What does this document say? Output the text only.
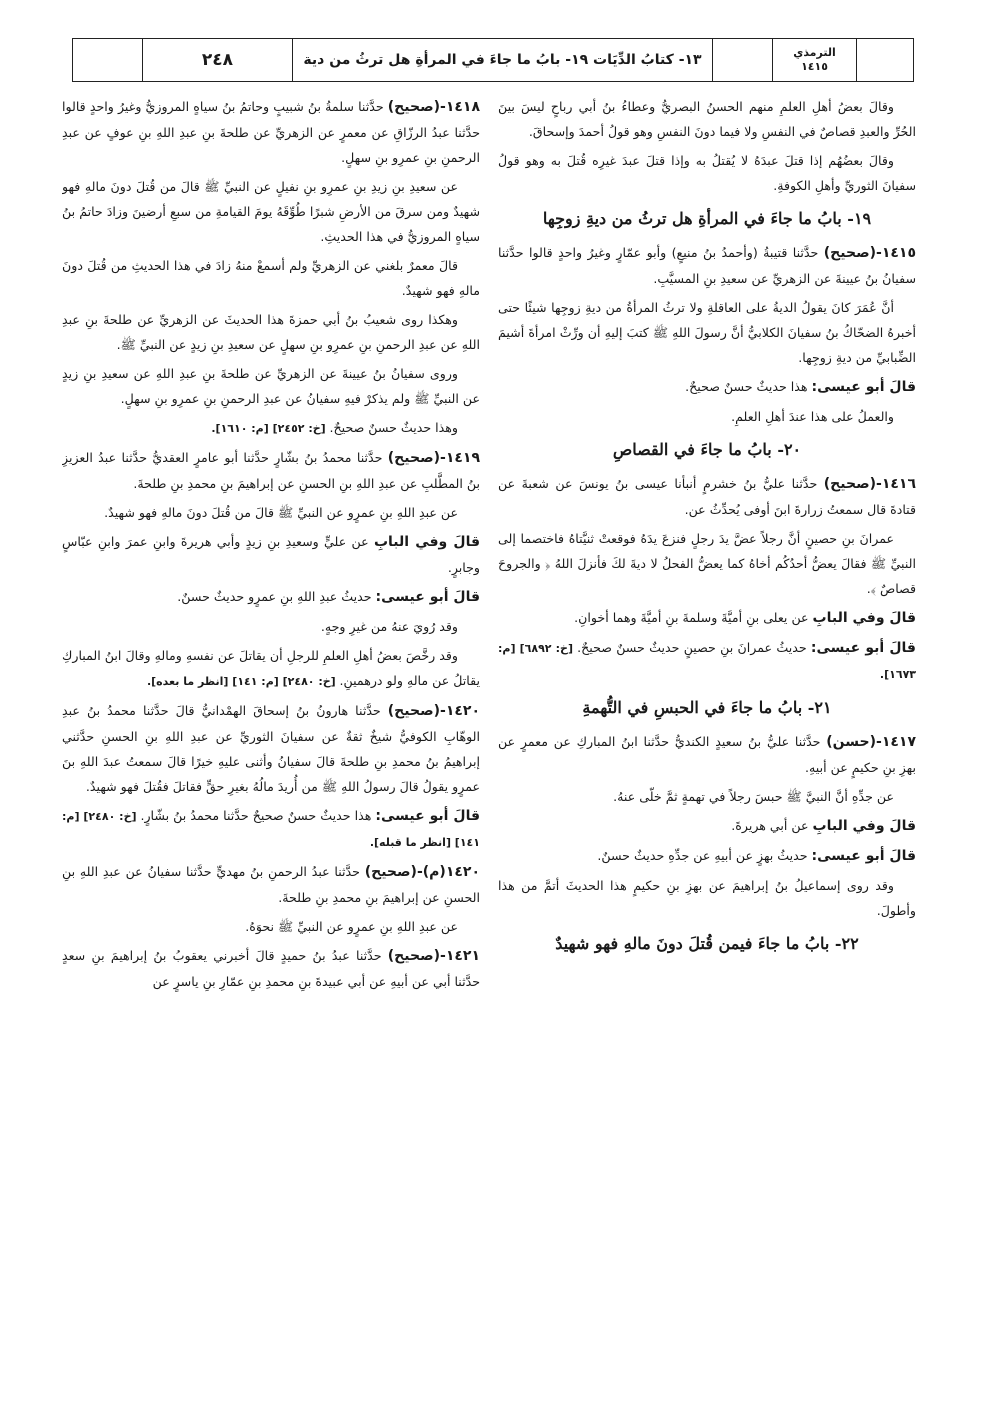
٢٤٨	١٣- كتابُ الدِّيَات ١٩- بابُ ما جاءَ في المرأةِ هل ترثُ من دية	الترمذي
١٤١٥

وقالَ بعضُ أهلِ العلمِ منهم الحسنُ البصريُّ وعطاءُ بنُ أبي رباحٍ ليسَ بينَ الحُرِّ والعبدِ قصاصٌ في النفسِ ولا فيما دونَ النفسِ وهو قولُ أحمدَ وإسحاقَ.

وقالَ بعضُهُم إذا قتلَ عبدَهُ لا يُقتلُ به وإذا قتلَ عبدَ غيرِه قُتلَ به وهو قولُ سفيانَ الثوريِّ وأهلِ الكوفةِ.

١٩- بابُ ما جاءَ في المرأةِ هل ترثُ من ديةِ زوجِها

١٤١٥-(صحيح) حدَّثنا قتيبةُ (وأحمدُ بنُ منيعٍ) وأبو عمّارٍ وغيرُ واحدٍ قالوا حدَّثنا سفيانُ بنُ عيينةَ عن الزهريِّ عن سعيدِ بنِ المسيَّبِ.

أنَّ عُمَرَ كانَ يقولُ الديةُ على العاقلةِ ولا ترثُ المرأةُ من ديةِ زوجِها شيئًا حتى أخبرهُ الضحّاكُ بنُ سفيانَ الكلابيُّ أنَّ رسولَ اللهِ ﷺ كتبَ إليهِ أن ورِّثْ امرأةَ أشيمَ الضِّبابيِّ من ديةِ زوجِها.

قالَ أبو عيسى: هذا حديثٌ حسنٌ صحيحٌ.

والعملُ على هذا عندَ أهلِ العلمِ.

٢٠- بابُ ما جاءَ في القصاصِ

١٤١٦-(صحيح) حدَّثنا عليُّ بنُ خشرمٍ أنبأنا عيسى بنُ يونسَ عن شعبةَ عن قتادةَ قال سمعتُ زرارةَ ابنَ أوفى يُحدِّثُ عن.

عمرانَ بنِ حصينٍ أنَّ رجلاً عضَّ يدَ رجلٍ فنزعَ يدَهُ فوقعتْ ثنيَّتاهُ فاختصما إلى النبيِّ ﷺ فقالَ يعضُّ أحدُكُم أخاهُ كما يعضُّ الفحلُ لا ديةَ لكَ فأنزلَ اللهُ ﴿ والجروحَ قصاصٌ ﴾.

قالَ وفي البابِ عن يعلى بنِ أميَّةَ وسلمةَ بنِ أميَّةَ وهما أخوانِ.

قالَ أبو عيسى: حديثُ عمرانَ بنِ حصينٍ حديثٌ حسنٌ صحيحٌ. [خ: ٦٨٩٢] [م: ١٦٧٣].

٢١- بابُ ما جاءَ في الحبسِ في التُّهمةِ

١٤١٧-(حسن) حدَّثنا عليُّ بنُ سعيدٍ الكنديُّ حدَّثنا ابنُ المباركِ عن معمرٍ عن بهزِ بنِ حكيمٍ عن أبيهِ.

عن جدِّهِ أنَّ النبيَّ ﷺ حبسَ رجلاً في تهمةٍ ثمَّ خلّى عنهُ.

قالَ وفي البابِ عن أبي هريرةَ.

قالَ أبو عيسى: حديثُ بهزٍ عن أبيهِ عن جدِّهِ حديثٌ حسنٌ.

وقد روى إسماعيلُ بنُ إبراهيمَ عن بهزِ بنِ حكيمٍ هذا الحديثَ أتمَّ من هذا وأطولَ.

٢٢- بابُ ما جاءَ فيمن قُتلَ دونَ مالهِ فهو شهيدٌ

١٤١٨-(صحيح) حدَّثنا سلمةُ بنُ شبيبٍ وحاتمُ بنُ سياهٍ المروزيُّ وغيرُ واحدٍ قالوا حدَّثنا عبدُ الرزّاقِ عن معمرٍ عن الزهريِّ عن طلحةَ بنِ عبدِ اللهِ بنِ عوفٍ عن عبدِ الرحمنِ بنِ عمرِو بنِ سهلٍ.

عن سعيدِ بنِ زيدِ بنِ عمرِو بنِ نفيلٍ عن النبيِّ ﷺ قالَ من قُتلَ دونَ مالهِ فهو شهيدٌ ومن سرقَ من الأرضِ شبرًا طُوِّقَهُ يومَ القيامةِ من سبعِ أرضينَ وزادَ حاتمُ بنُ سياهٍ المروزيُّ في هذا الحديثِ.

قالَ معمرٌ بلغني عن الزهريِّ ولم أسمعْ منهُ زادَ في هذا الحديثِ من قُتلَ دونَ مالهِ فهو شهيدٌ.

وهكذا روى شعيبُ بنُ أبي حمزةَ هذا الحديثَ عن الزهريِّ عن طلحةَ بنِ عبدِ اللهِ عن عبدِ الرحمنِ بنِ عمرِو بنِ سهلٍ عن سعيدِ بنِ زيدٍ عن النبيِّ ﷺ.

وروى سفيانُ بنُ عيينةَ عن الزهريِّ عن طلحةَ بنِ عبدِ اللهِ عن سعيدِ بنِ زيدٍ عن النبيِّ ﷺ ولم يذكرْ فيهِ سفيانُ عن عبدِ الرحمنِ بنِ عمرِو بنِ سهلٍ.

وهذا حديثٌ حسنٌ صحيحٌ. [خ: ٢٤٥٢] [م: ١٦١٠].

١٤١٩-(صحيح) حدَّثنا محمدُ بنُ بشّارٍ حدَّثنا أبو عامرٍ العقديُّ حدَّثنا عبدُ العزيزِ بنُ المطَّلبِ عن عبدِ اللهِ بنِ الحسنِ عن إبراهيمَ بنِ محمدِ بنِ طلحةَ.

عن عبدِ اللهِ بنِ عمرٍو عن النبيِّ ﷺ قالَ من قُتلَ دونَ مالهِ فهو شهيدٌ.

قالَ وفي البابِ عن عليٍّ وسعيدِ بنِ زيدٍ وأبي هريرةَ وابنِ عمرَ وابنِ عبّاسٍ وجابرٍ.

قالَ أبو عيسى: حديثُ عبدِ اللهِ بنِ عمرٍو حديثٌ حسنٌ.

وقد رُويَ عنهُ من غيرِ وجهٍ.

وقد رخَّصَ بعضُ أهلِ العلمِ للرجلِ أن يقاتلَ عن نفسهِ ومالهِ وقالَ ابنُ المباركِ يقاتلُ عن مالهِ ولو درهمينِ. [خ: ٢٤٨٠] [م: ١٤١] [انظر ما بعده].

١٤٢٠-(صحيح) حدَّثنا هارونُ بنُ إسحاقَ الهمْدانيُّ قالَ حدَّثنا محمدُ بنُ عبدِ الوهّابِ الكوفيُّ شيخٌ ثقةٌ عن سفيانَ الثوريِّ عن عبدِ اللهِ بنِ الحسنِ حدَّثني إبراهيمُ بنُ محمدِ بنِ طلحةَ قالَ سفيانُ وأثنى عليهِ خيرًا قالَ سمعتُ عبدَ اللهِ بنَ عمرٍو يقولُ قالَ رسولُ اللهِ ﷺ من أُريدَ مالُهُ بغيرِ حقٍّ فقاتلَ فقُتلَ فهو شهيدٌ.

قالَ أبو عيسى: هذا حديثٌ حسنٌ صحيحٌ حدَّثنا محمدُ بنُ بشّارٍ. [خ: ٢٤٨٠] [م: ١٤١] [انظر ما قبله].

١٤٢٠(م)-(صحيح) حدَّثنا عبدُ الرحمنِ بنُ مهديٍّ حدَّثنا سفيانُ عن عبدِ اللهِ بنِ الحسنِ عن إبراهيمَ بنِ محمدِ بنِ طلحةَ.

عن عبدِ اللهِ بنِ عمرٍو عن النبيِّ ﷺ نحوَهُ.

١٤٢١-(صحيح) حدَّثنا عبدُ بنُ حميدٍ قالَ أخبرني يعقوبُ بنُ إبراهيمَ بنِ سعدٍ حدَّثنا أبي عن أبيهِ عن أبي عبيدةَ بنِ محمدِ بنِ عمّارِ بنِ ياسرٍ عن
